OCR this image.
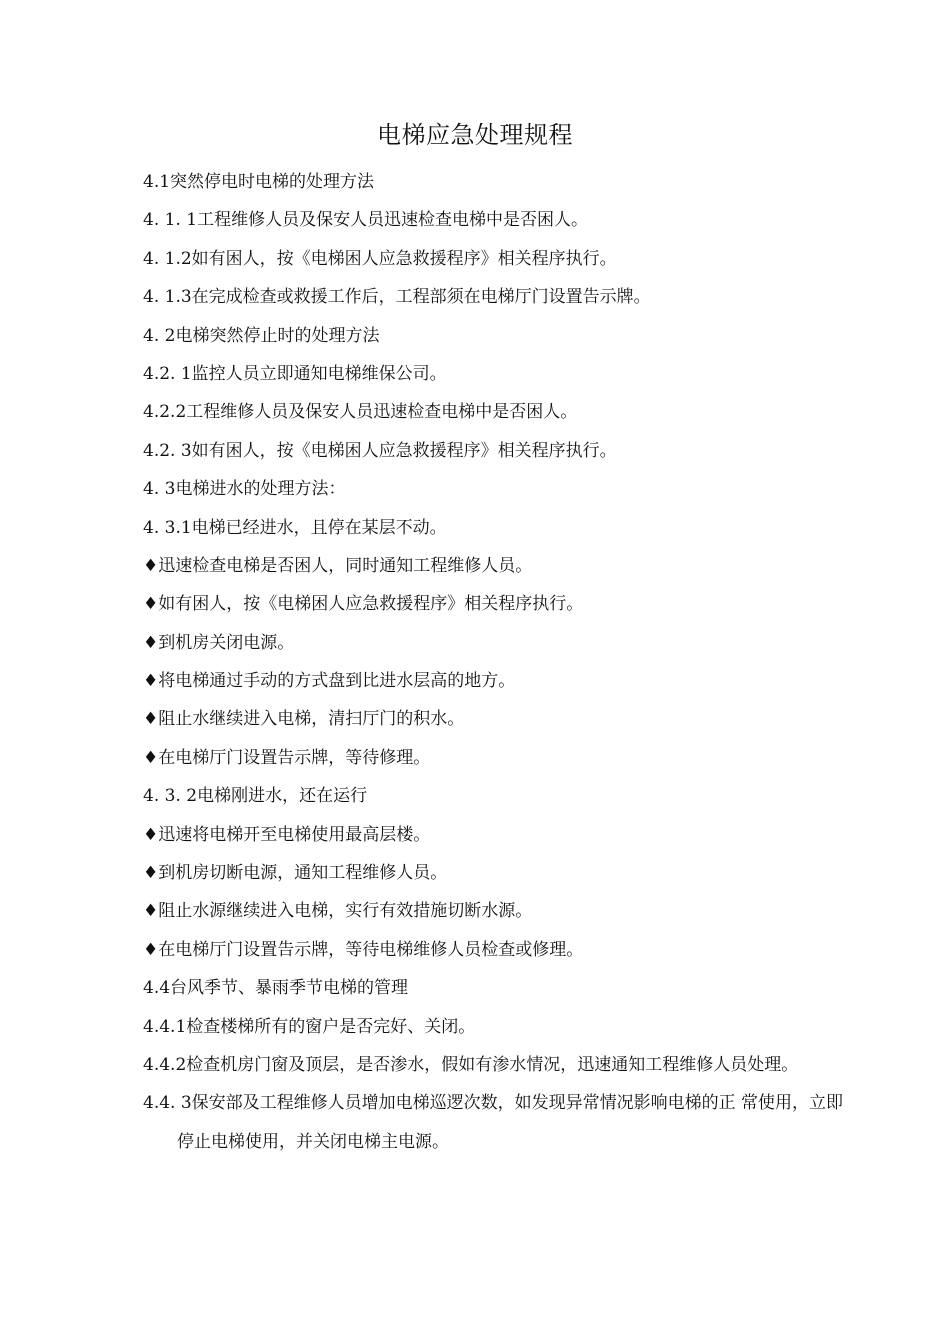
电梯应急处理规程
4.1突然停电时电梯的处理方法
4. 1. 1工程维修人员及保安人员迅速检查电梯中是否困人。
4. 1.2如有困人，按《电梯困人应急救援程序》相关程序执行。
4. 1.3在完成检查或救援工作后，工程部须在电梯厅门设置告示牌。
4. 2电梯突然停止时的处理方法
4.2. 1监控人员立即通知电梯维保公司。
4.2.2工程维修人员及保安人员迅速检查电梯中是否困人。
4.2. 3如有困人，按《电梯困人应急救援程序》相关程序执行。
4. 3电梯进水的处理方法：
4. 3.1电梯已经进水，且停在某层不动。
♦迅速检查电梯是否困人，同时通知工程维修人员。
♦如有困人，按《电梯困人应急救援程序》相关程序执行。
♦到机房关闭电源。
♦将电梯通过手动的方式盘到比进水层高的地方。
♦阻止水继续进入电梯，清扫厅门的积水。
♦在电梯厅门设置告示牌，等待修理。
4. 3. 2电梯刚进水，还在运行
♦迅速将电梯开至电梯使用最高层楼。
♦到机房切断电源，通知工程维修人员。
♦阻止水源继续进入电梯，实行有效措施切断水源。
♦在电梯厅门设置告示牌，等待电梯维修人员检查或修理。
4.4台风季节、暴雨季节电梯的管理
4.4.1检查楼梯所有的窗户是否完好、关闭。
4.4.2检查机房门窗及顶层，是否渗水，假如有渗水情况，迅速通知工程维修人员处理。
4.4. 3保安部及工程维修人员增加电梯巡逻次数，如发现异常情况影响电梯的正 常使用，立即停止电梯使用，并关闭电梯主电源。
